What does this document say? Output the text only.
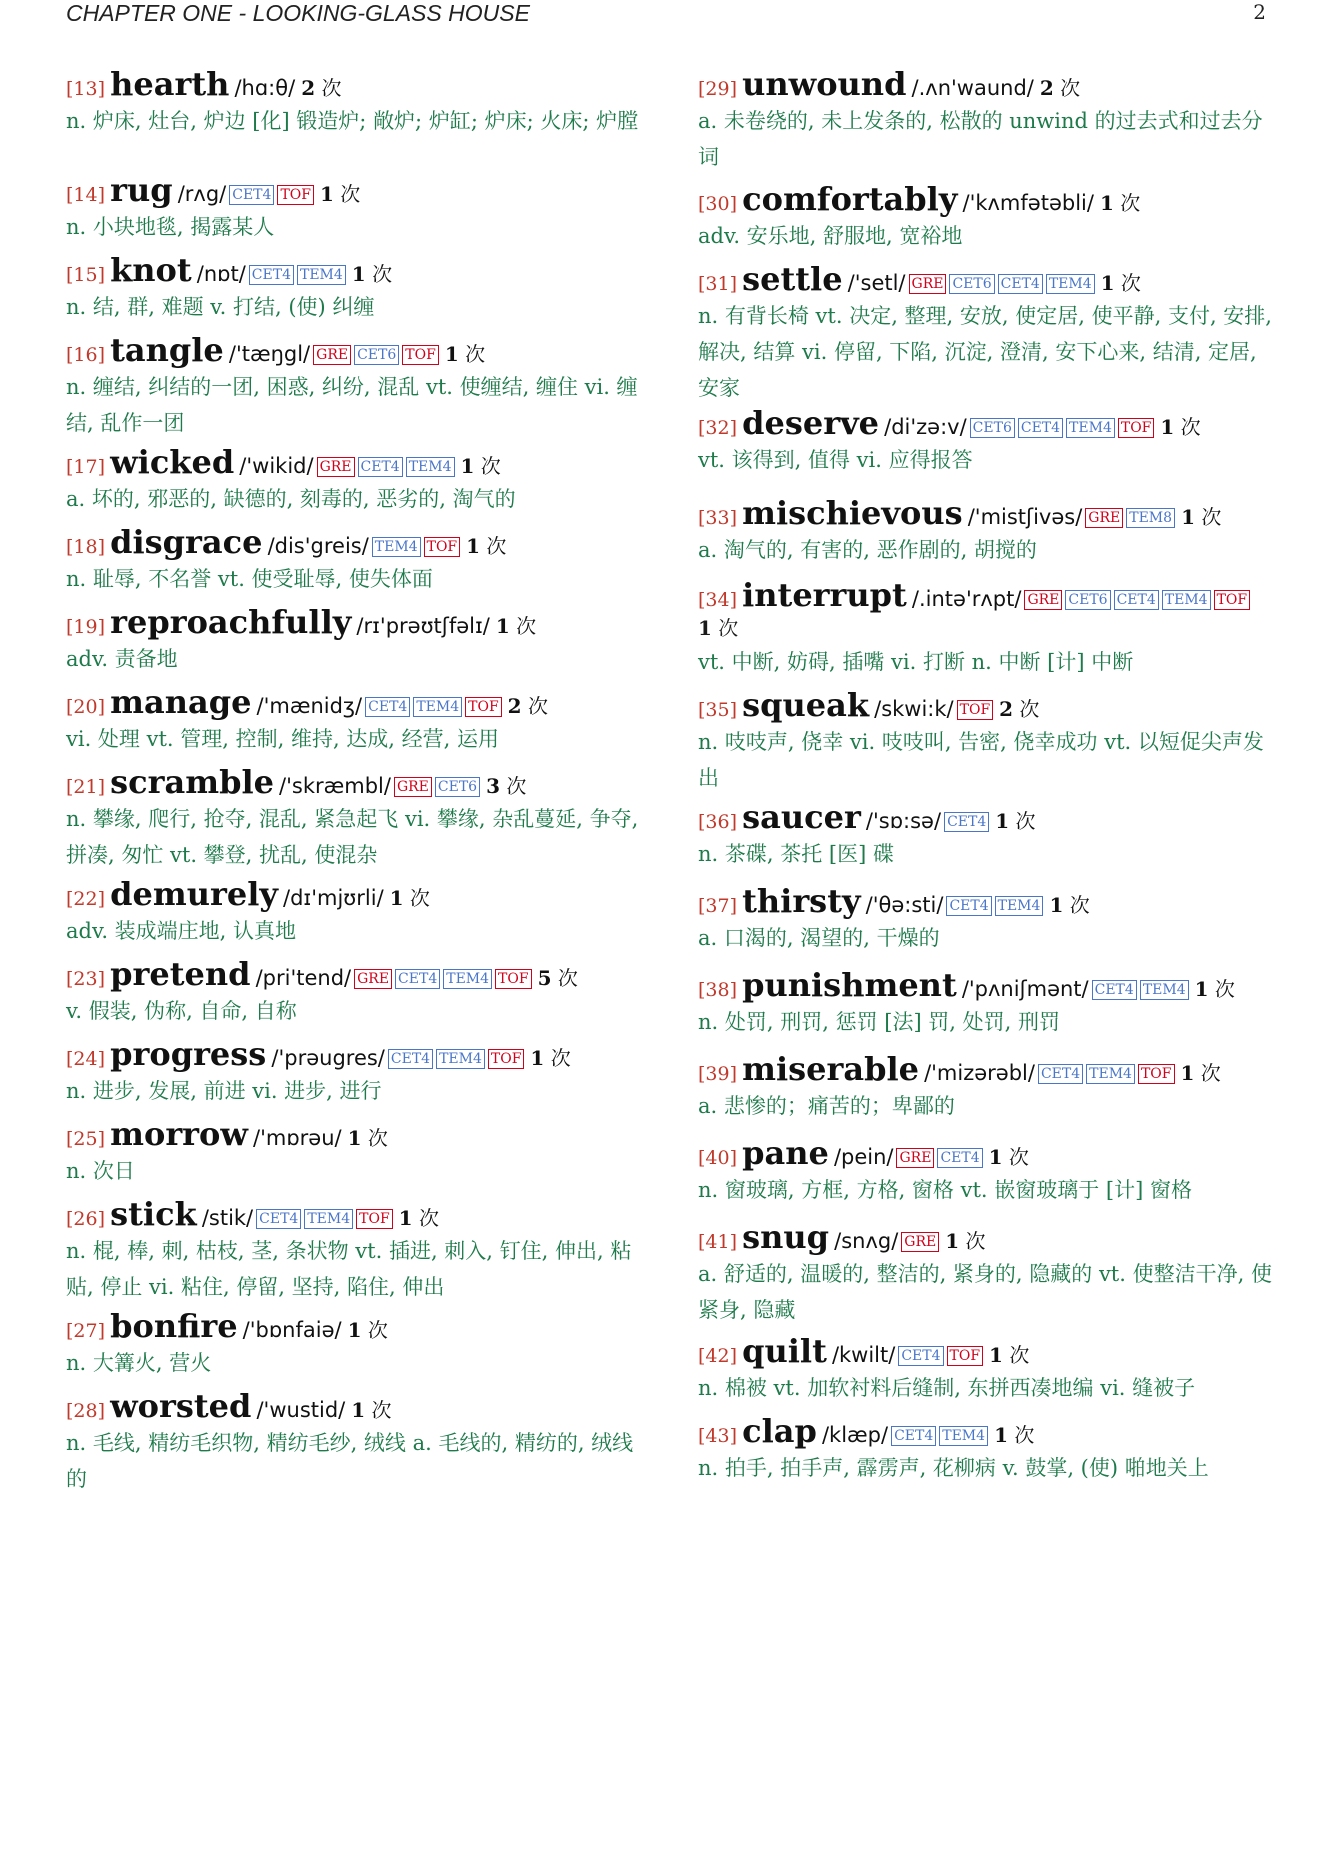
CHAPTER ONE - LOOKING-GLASS HOUSE	2
[13] hearth /hɑ:θ/ 2 次
n. 炉床, 灶台, 炉边 [化] 锻造炉; 敞炉; 炉缸; 炉床; 火床; 炉膛
[14] rug /rʌg/ CET4 TOF 1 次
n. 小块地毯, 揭露某人
[15] knot /nɒt/ CET4 TEM4 1 次
n. 结, 群, 难题 v. 打结, (使) 纠缠
[16] tangle /'tæŋgl/ GRE CET6 TOF 1 次
n. 缠结, 纠结的一团, 困惑, 纠纷, 混乱 vt. 使缠结, 缠住 vi. 缠结, 乱作一团
[17] wicked /'wikid/ GRE CET4 TEM4 1 次
a. 坏的, 邪恶的, 缺德的, 刻毒的, 恶劣的, 淘气的
[18] disgrace /dis'greis/ TEM4 TOF 1 次
n. 耻辱, 不名誉 vt. 使受耻辱, 使失体面
[19] reproachfully /rɪ'prəʊtʃfəlɪ/ 1 次
adv. 责备地
[20] manage /'mænidʒ/ CET4 TEM4 TOF 2 次
vi. 处理 vt. 管理, 控制, 维持, 达成, 经营, 运用
[21] scramble /'skræmbl/ GRE CET6 3 次
n. 攀缘, 爬行, 抢夺, 混乱, 紧急起飞 vi. 攀缘, 杂乱蔓延, 争夺, 拼凑, 匆忙 vt. 攀登, 扰乱, 使混杂
[22] demurely /dɪ'mjʊrli/ 1 次
adv. 装成端庄地, 认真地
[23] pretend /pri'tend/ GRE CET4 TEM4 TOF 5 次
v. 假装, 伪称, 自命, 自称
[24] progress /'prəugres/ CET4 TEM4 TOF 1 次
n. 进步, 发展, 前进 vi. 进步, 进行
[25] morrow /'mɒrəu/ 1 次
n. 次日
[26] stick /stik/ CET4 TEM4 TOF 1 次
n. 棍, 棒, 刺, 枯枝, 茎, 条状物 vt. 插进, 刺入, 钉住, 伸出, 粘贴, 停止 vi. 粘住, 停留, 坚持, 陷住, 伸出
[27] bonfire /'bɒnfaiə/ 1 次
n. 大篝火, 营火
[28] worsted /'wustid/ 1 次
n. 毛线, 精纺毛织物, 精纺毛纱, 绒线 a. 毛线的, 精纺的, 绒线的
[29] unwound /.ʌn'waund/ 2 次
a. 未卷绕的, 未上发条的, 松散的 unwind 的过去式和过去分词
[30] comfortably /'kʌmfətəbli/ 1 次
adv. 安乐地, 舒服地, 宽裕地
[31] settle /'setl/ GRE CET6 CET4 TEM4 1 次
n. 有背长椅 vt. 决定, 整理, 安放, 使定居, 使平静, 支付, 安排, 解决, 结算 vi. 停留, 下陷, 沉淀, 澄清, 安下心来, 结清, 定居, 安家
[32] deserve /di'zə:v/ CET6 CET4 TEM4 TOF 1 次
vt. 该得到, 值得 vi. 应得报答
[33] mischievous /'mistʃivəs/ GRE TEM8 1 次
a. 淘气的, 有害的, 恶作剧的, 胡搅的
[34] interrupt /.intə'rʌpt/ GRE CET6 CET4 TEM4 TOF
1 次
vt. 中断, 妨碍, 插嘴 vi. 打断 n. 中断 [计] 中断
[35] squeak /skwi:k/ TOF 2 次
n. 吱吱声, 侥幸 vi. 吱吱叫, 告密, 侥幸成功 vt. 以短促尖声发出
[36] saucer /'sɒ:sə/ CET4 1 次
n. 茶碟, 茶托 [医] 碟
[37] thirsty /'θə:sti/ CET4 TEM4 1 次
a. 口渴的, 渴望的, 干燥的
[38] punishment /'pʌniʃmənt/ CET4 TEM4 1 次
n. 处罚, 刑罚, 惩罚 [法] 罚, 处罚, 刑罚
[39] miserable /'mizərəbl/ CET4 TEM4 TOF 1 次
a. 悲惨的；痛苦的；卑鄙的
[40] pane /pein/ GRE CET4 1 次
n. 窗玻璃, 方框, 方格, 窗格 vt. 嵌窗玻璃于 [计] 窗格
[41] snug /snʌg/ GRE 1 次
a. 舒适的, 温暖的, 整洁的, 紧身的, 隐藏的 vt. 使整洁干净, 使紧身, 隐藏
[42] quilt /kwilt/ CET4 TOF 1 次
n. 棉被 vt. 加软衬料后缝制, 东拼西凑地编 vi. 缝被子
[43] clap /klæp/ CET4 TEM4 1 次
n. 拍手, 拍手声, 霹雳声, 花柳病 v. 鼓掌, (使) 啪地关上
